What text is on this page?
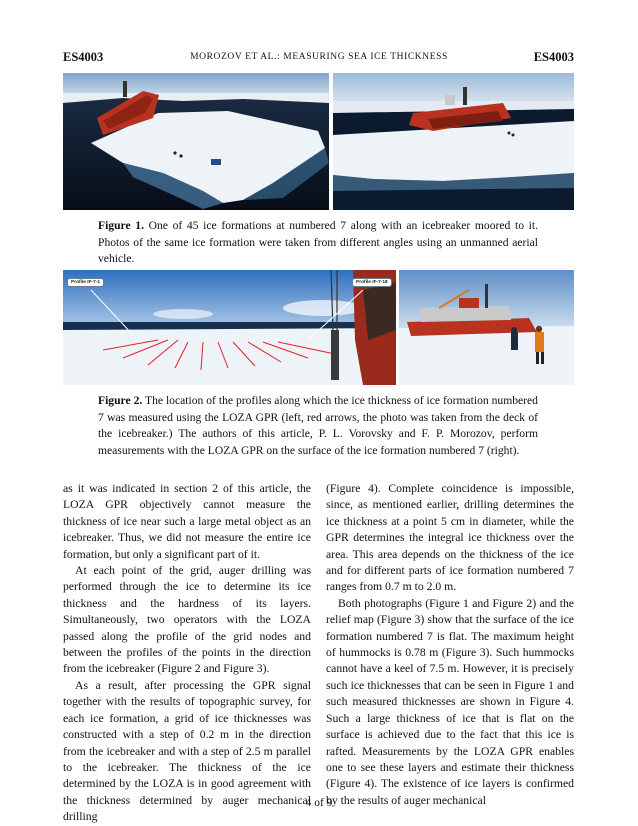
ES4003	MOROZOV ET AL.: MEASURING SEA ICE THICKNESS	ES4003
Figure 1. One of 45 ice formations at numbered 7 along with an icebreaker moored to it. Photos of the same ice formation were taken from different angles using an unmanned aerial vehicle.
Profile IF-7-1	Profile IF-7-18
Figure 2. The location of the profiles along which the ice thickness of ice formation numbered 7 was measured using the LOZA GPR (left, red arrows, the photo was taken from the deck of the icebreaker.) The authors of this article, P. L. Vorovsky and F. P. Morozov, perform measurements with the LOZA GPR on the surface of the ice formation numbered 7 (right).

as it was indicated in section 2 of this article, the LOZA GPR objectively cannot measure the thickness of ice near such a large metal object as an icebreaker. Thus, we did not measure the entire ice formation, but only a significant part of it.

At each point of the grid, auger drilling was performed through the ice to determine its ice thickness and the hardness of its layers. Simultaneously, two operators with the LOZA passed along the profile of the grid nodes and between the profiles of the points in the direction from the icebreaker (Figure 2 and Figure 3).

As a result, after processing the GPR signal together with the results of topographic survey, for each ice formation, a grid of ice thicknesses was constructed with a step of 0.2 m in the direction from the icebreaker and with a step of 2.5 m parallel to the icebreaker. The thickness of the ice determined by the LOZA is in good agreement with the thickness determined by auger mechanical drilling

(Figure 4). Complete coincidence is impossible, since, as mentioned earlier, drilling determines the ice thickness at a point 5 cm in diameter, while the GPR determines the integral ice thickness over the area. This area depends on the thickness of the ice and for different parts of ice formation numbered 7 ranges from 0.7 m to 2.0 m.

Both photographs (Figure 1 and Figure 2) and the relief map (Figure 3) show that the surface of the ice formation numbered 7 is flat. The maximum height of hummocks is 0.78 m (Figure 3). Such hummocks cannot have a keel of 7.5 m. However, it is precisely such ice thicknesses that can be seen in Figure 1 and such measured thicknesses are shown in Figure 4. Such a large thickness of ice that is flat on the surface is achieved due to the fact that this ice is rafted. Measurements by the LOZA GPR enables one to see these layers and estimate their thickness (Figure 4). The existence of ice layers is confirmed by the results of auger mechanical

4 of 9
